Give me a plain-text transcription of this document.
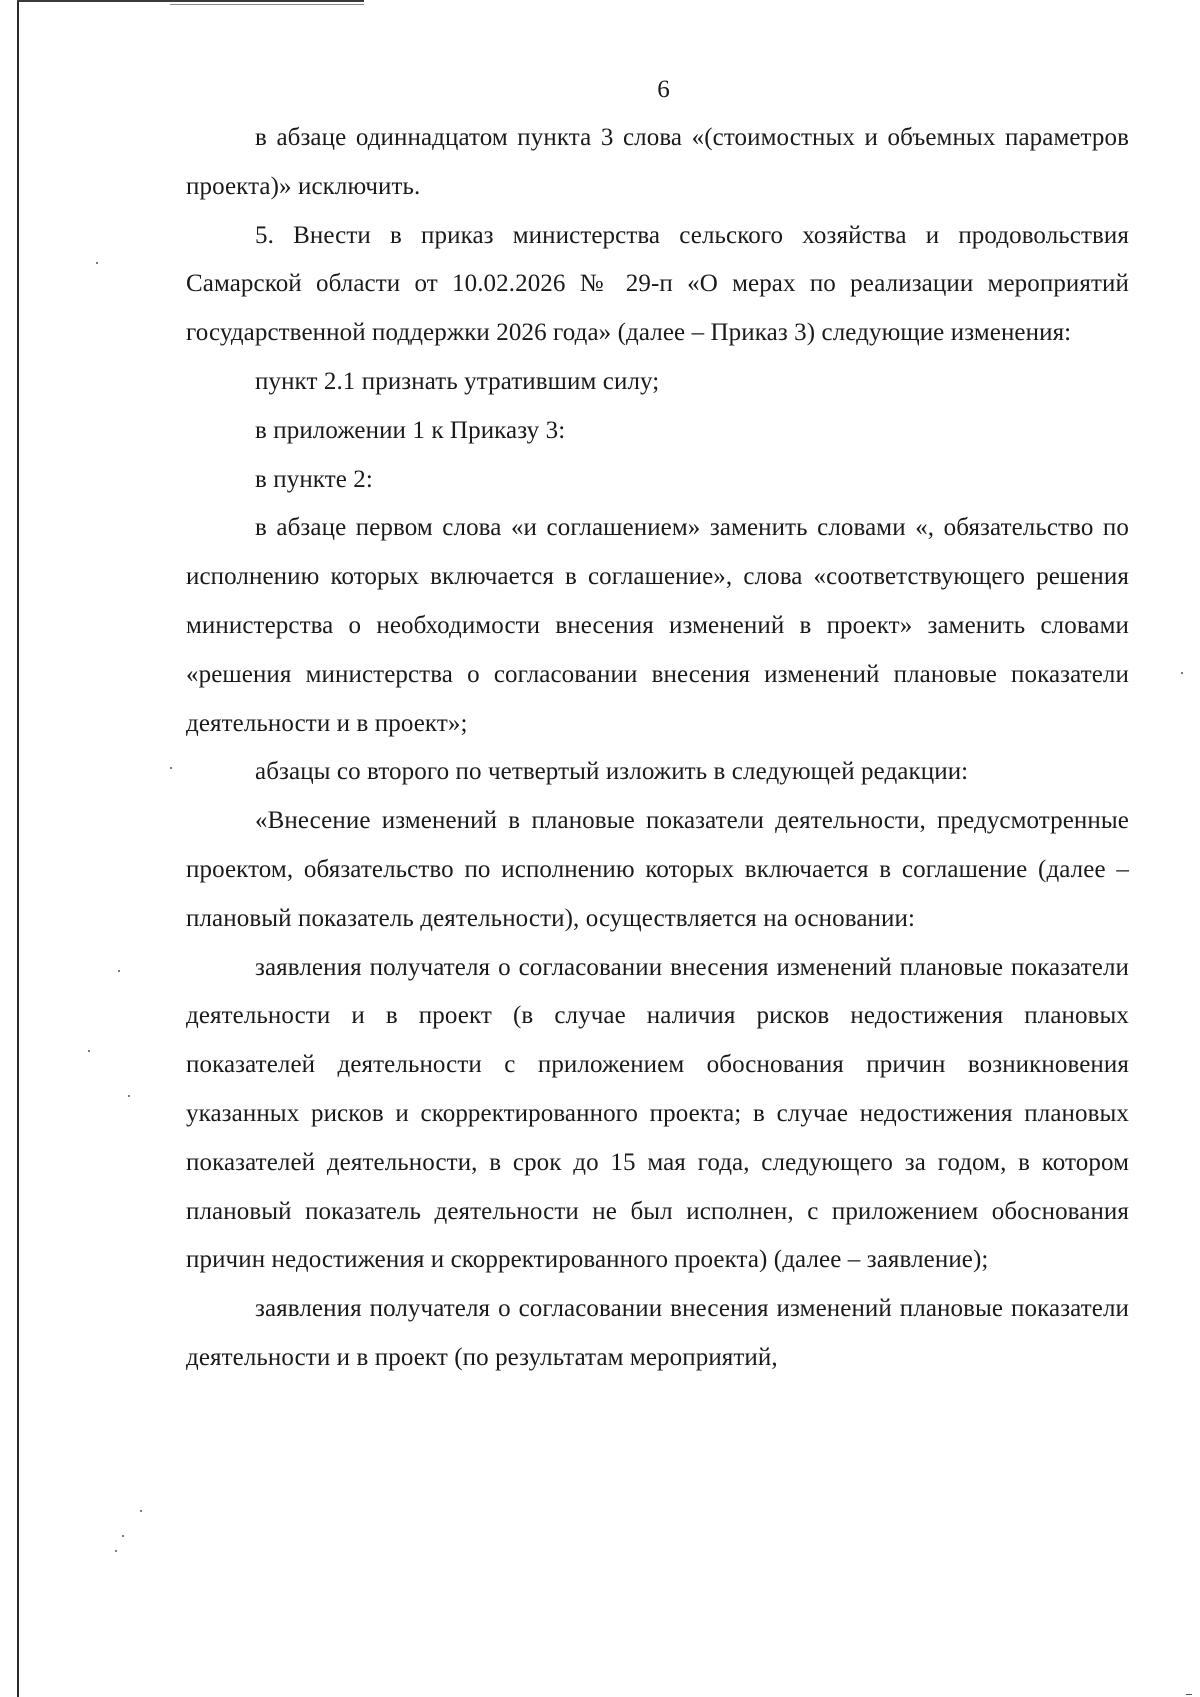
6

в абзаце одиннадцатом пункта 3 слова «(стоимостных и объемных параметров проекта)» исключить.

5. Внести в приказ министерства сельского хозяйства и продовольствия Самарской области от 10.02.2026 № 29-п «О мерах по реализации мероприятий государственной поддержки 2026 года» (далее – Приказ 3) следующие изменения:

пункт 2.1 признать утратившим силу;

в приложении 1 к Приказу 3:

в пункте 2:

в абзаце первом слова «и соглашением» заменить словами «, обязательство по исполнению которых включается в соглашение», слова «соответствующего решения министерства о необходимости внесения изменений в проект» заменить словами «решения министерства о согласовании внесения изменений плановые показатели деятельности и в проект»;

абзацы со второго по четвертый изложить в следующей редакции:

«Внесение изменений в плановые показатели деятельности, предусмотренные проектом, обязательство по исполнению которых включается в соглашение (далее – плановый показатель деятельности), осуществляется на основании:

заявления получателя о согласовании внесения изменений плановые показатели деятельности и в проект (в случае наличия рисков недостижения плановых показателей деятельности с приложением обоснования причин возникновения указанных рисков и скорректированного проекта; в случае недостижения плановых показателей деятельности, в срок до 15 мая года, следующего за годом, в котором плановый показатель деятельности не был исполнен, с приложением обоснования причин недостижения и скорректированного проекта) (далее – заявление);

заявления получателя о согласовании внесения изменений плановые показатели деятельности и в проект (по результатам мероприятий,
